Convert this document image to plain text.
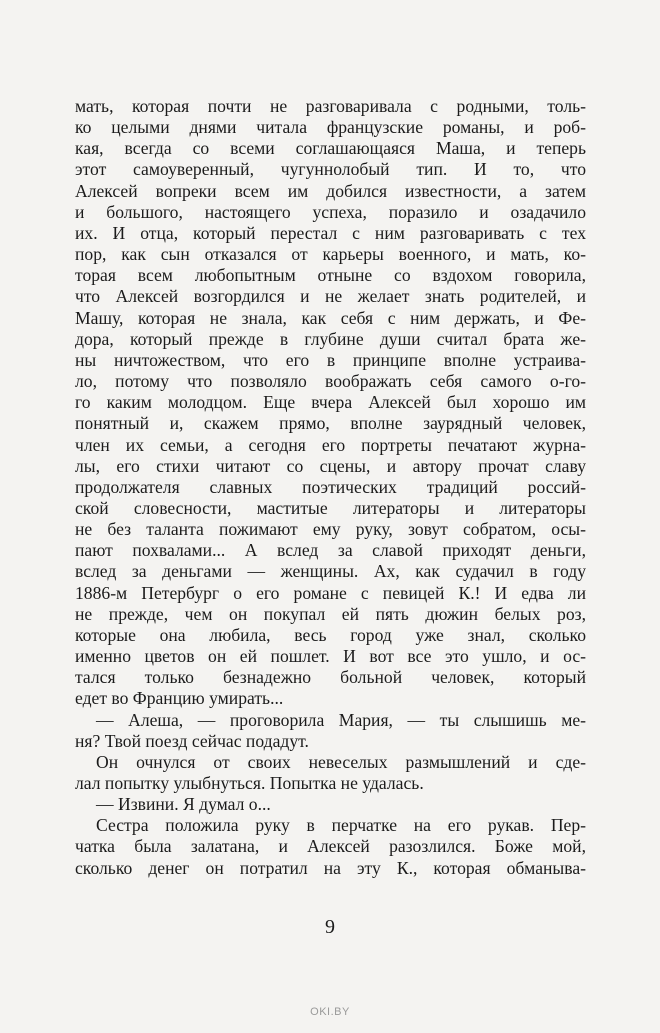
мать, которая почти не разговаривала с родными, толь-
ко целыми днями читала французские романы, и роб-
кая, всегда со всеми соглашающаяся Маша, и теперь
этот самоуверенный, чугуннолобый тип. И то, что
Алексей вопреки всем им добился известности, а затем
и большого, настоящего успеха, поразило и озадачило
их. И отца, который перестал с ним разговаривать с тех
пор, как сын отказался от карьеры военного, и мать, ко-
торая всем любопытным отныне со вздохом говорила,
что Алексей возгордился и не желает знать родителей, и
Машу, которая не знала, как себя с ним держать, и Фе-
дора, который прежде в глубине души считал брата же-
ны ничтожеством, что его в принципе вполне устраива-
ло, потому что позволяло воображать себя самого о-го-
го каким молодцом. Еще вчера Алексей был хорошо им
понятный и, скажем прямо, вполне заурядный человек,
член их семьи, а сегодня его портреты печатают журна-
лы, его стихи читают со сцены, и автору прочат славу
продолжателя славных поэтических традиций россий-
ской словесности, маститые литераторы и литераторы
не без таланта пожимают ему руку, зовут собратом, осы-
пают похвалами... А вслед за славой приходят деньги,
вслед за деньгами — женщины. Ах, как судачил в году
1886-м Петербург о его романе с певицей К.! И едва ли
не прежде, чем он покупал ей пять дюжин белых роз,
которые она любила, весь город уже знал, сколько
именно цветов он ей пошлет. И вот все это ушло, и ос-
тался только безнадежно больной человек, который
едет во Францию умирать...
— Алеша, — проговорила Мария, — ты слышишь ме-
ня? Твой поезд сейчас подадут.
Он очнулся от своих невеселых размышлений и сде-
лал попытку улыбнуться. Попытка не удалась.
— Извини. Я думал о...
Сестра положила руку в перчатке на его рукав. Пер-
чатка была залатана, и Алексей разозлился. Боже мой,
сколько денег он потратил на эту К., которая обманыва-
9
OKI.BY
